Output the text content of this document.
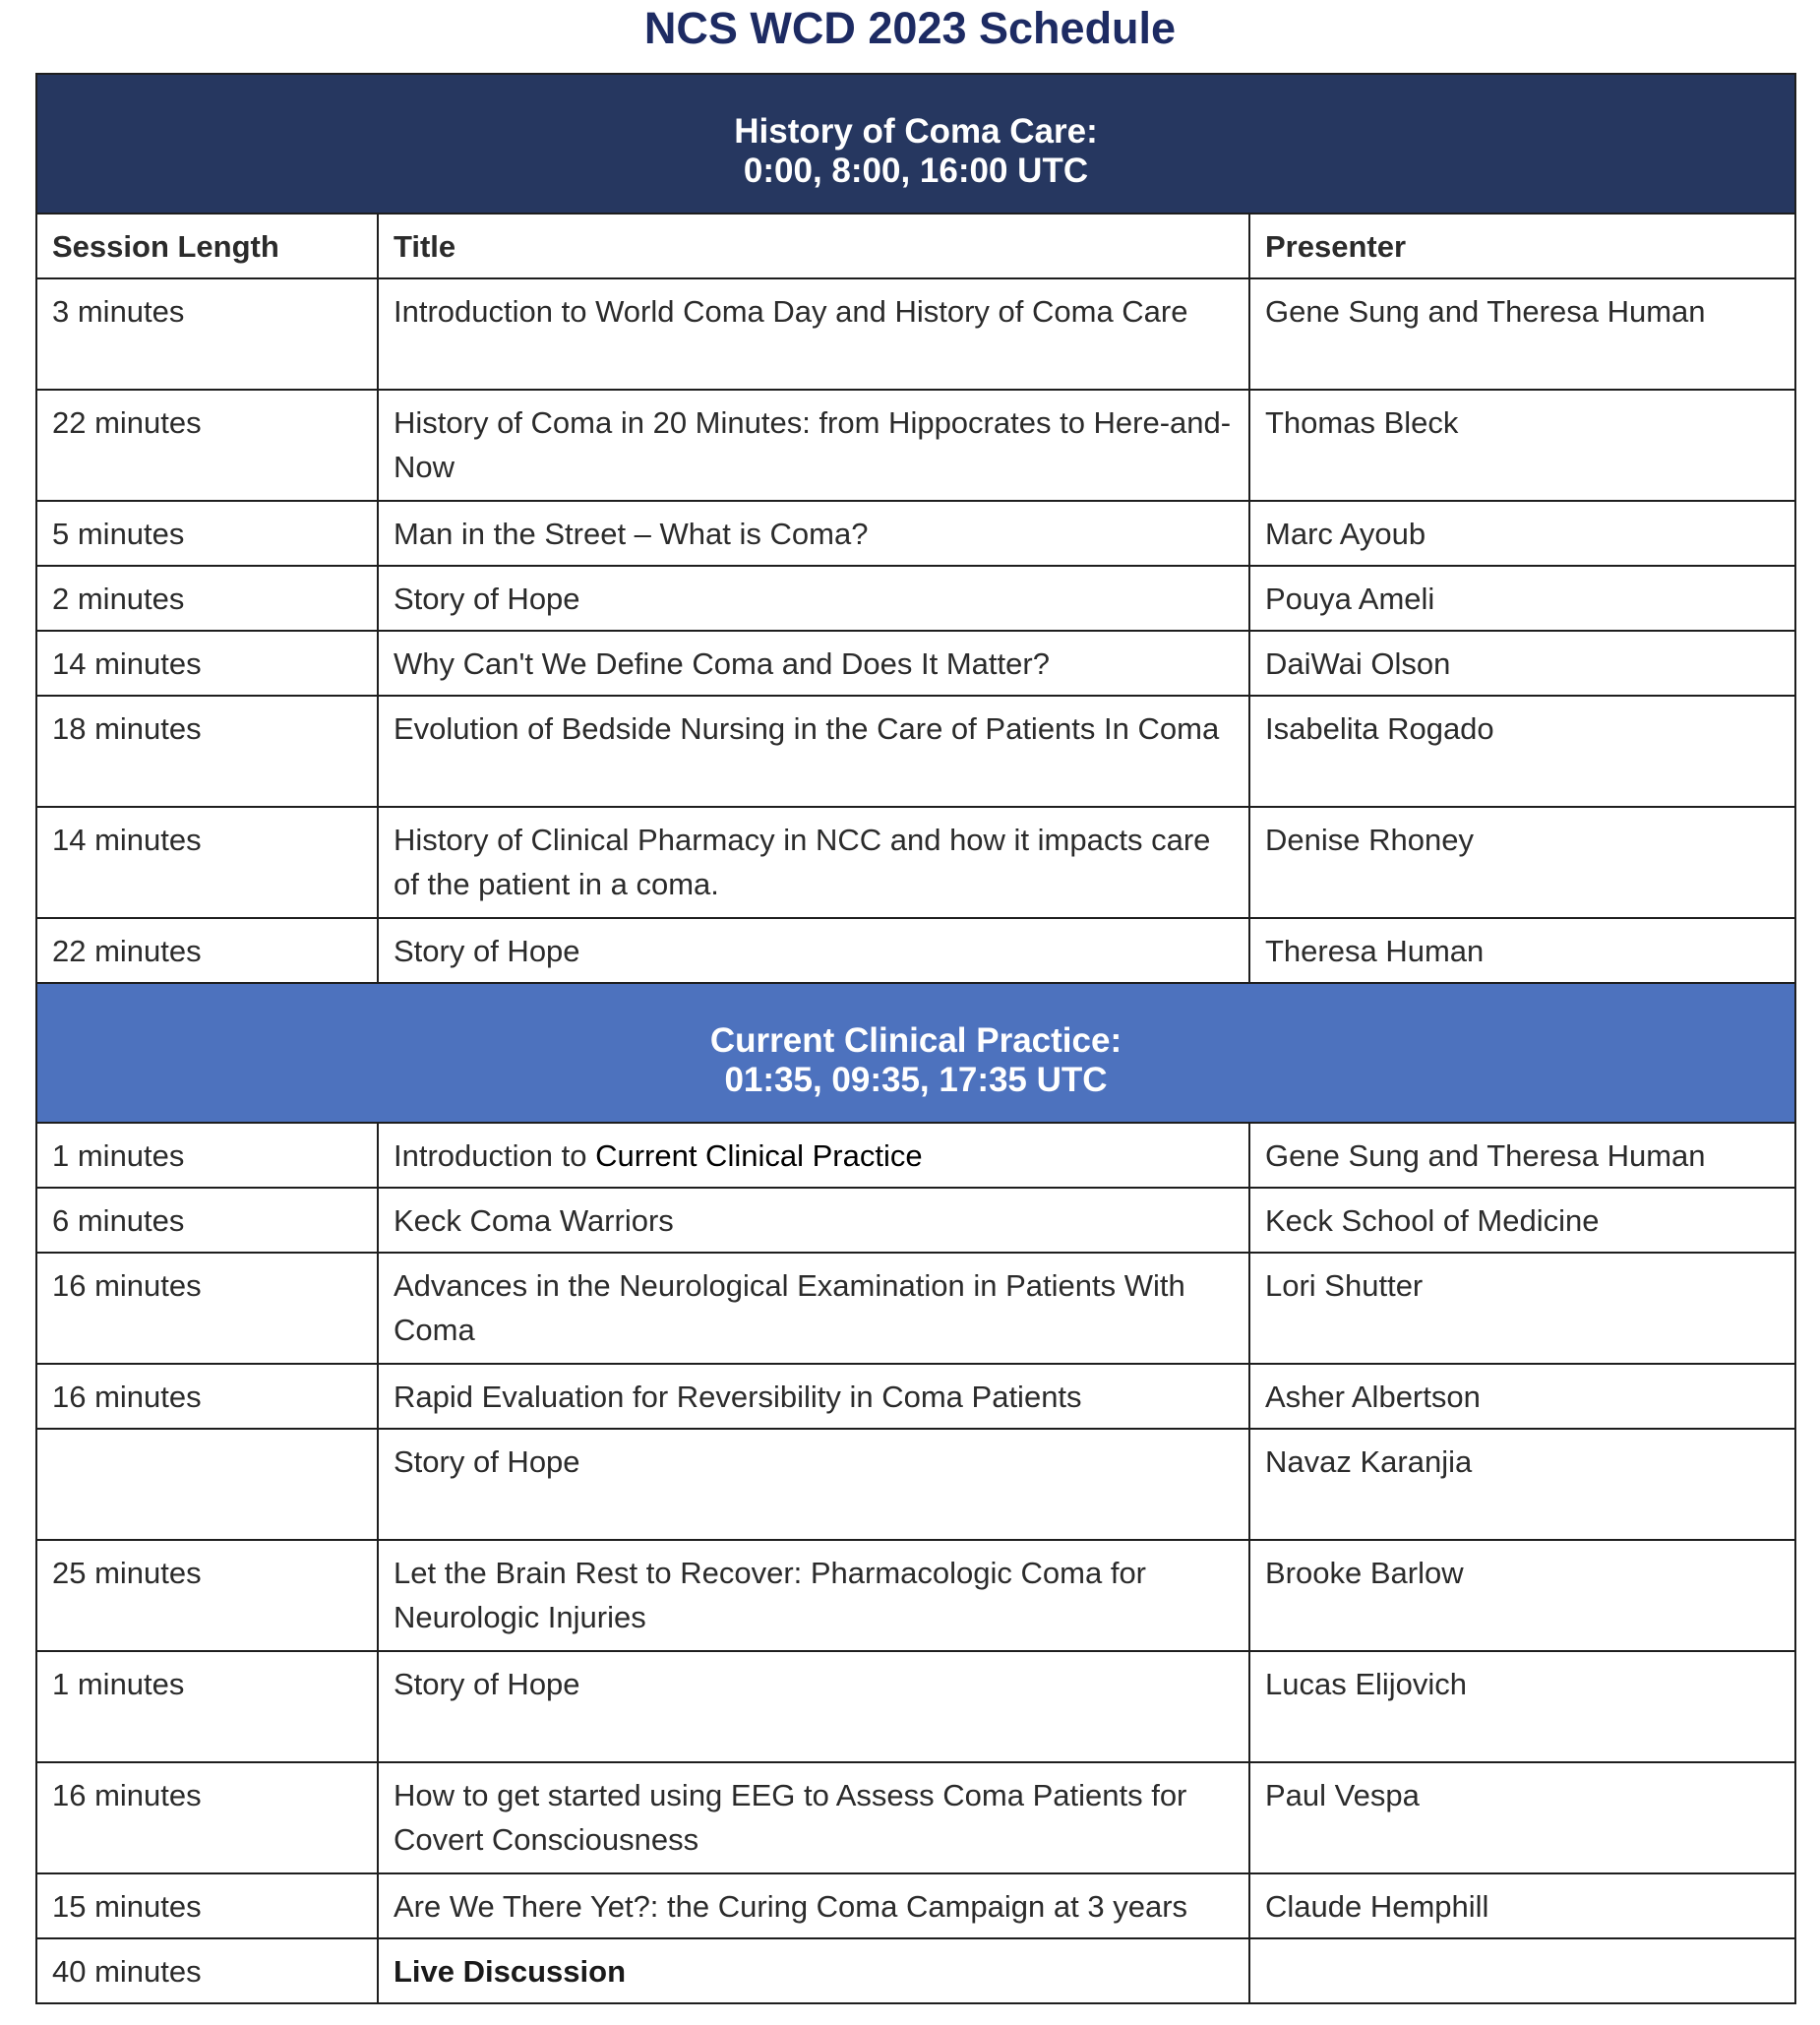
NCS WCD 2023 Schedule
History of Coma Care:
0:00, 8:00, 16:00 UTC		

Session Length	Title	Presenter
3 minutes	Introduction to World Coma Day and History of Coma Care	Gene Sung and Theresa Human
22 minutes	History of Coma in 20 Minutes: from Hippocrates to Here-and-Now	Thomas Bleck
5 minutes	Man in the Street – What is Coma?	Marc Ayoub
2 minutes	Story of Hope	Pouya Ameli
14 minutes	Why Can't We Define Coma and Does It Matter?	DaiWai Olson
18 minutes	Evolution of Bedside Nursing in the Care of Patients In Coma	Isabelita Rogado
14 minutes	History of Clinical Pharmacy in NCC and how it impacts care of the patient in a coma.	Denise Rhoney
22 minutes	Story of Hope	Theresa Human

Current Clinical Practice:
01:35, 09:35, 17:35 UTC		

1 minutes	Introduction to Current Clinical Practice	Gene Sung and Theresa Human
6 minutes	Keck Coma Warriors	Keck School of Medicine
16 minutes	Advances in the Neurological Examination in Patients With Coma	Lori Shutter
16 minutes	Rapid Evaluation for Reversibility in Coma Patients	Asher Albertson
	Story of Hope	Navaz Karanjia
25 minutes	Let the Brain Rest to Recover: Pharmacologic Coma for Neurologic Injuries	Brooke Barlow
1 minutes	Story of Hope	Lucas Elijovich
16 minutes	How to get started using EEG to Assess Coma Patients for Covert Consciousness	Paul Vespa
15 minutes	Are We There Yet?: the Curing Coma Campaign at 3 years	Claude Hemphill
40 minutes	Live Discussion	
